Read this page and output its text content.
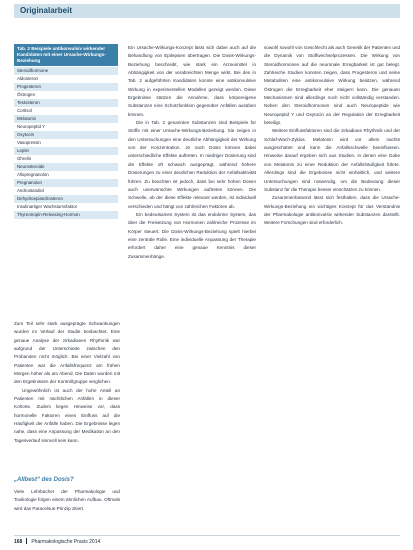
Originalarbeit
Tab. 2 Beispiele antikonvulsiv wirkender Kandidaten mit einer Ursache-Wirkungs-Beziehung
Steroidhormone
Aldosteron
Progesteron
Östrogen
Testosteron
Cortisol
Melatonin
Neuropeptid Y
Oxytocin
Vasopressin
Leptin
Ghrelin
Neurosteroide
Allopregnanolon
Pregnanolon
Androstandiol
Dehydroepiandrosteron
Insulinartiger Wachstumsfaktor
Thyreotropin-Releasing-Hormon

Zum Teil sehr stark ausgeprägte Schwankungen wurden im Verlauf der Studie beobachtet. Eine genaue Analyse der zirkadianen Rhythmik war aufgrund der Unterschiede zwischen den Probanden nicht möglich. Bei einer Vielzahl von Patienten war die Anfallsfrequenz am frühen Morgen höher als am Abend. Die Daten wurden mit den Ergebnissen der Kontrollgruppe verglichen.

Ungewöhnlich ist auch der hohe Anteil an Patienten mit nächtlichen Anfällen in dieser Kohorte. Zudem liegen Hinweise vor, dass hormonelle Faktoren einen Einfluss auf die Häufigkeit der Anfälle haben. Die Ergebnisse legen nahe, dass eine Anpassung der Medikation an den Tagesverlauf sinnvoll sein kann.

„Allbest“ des Dosis?

Viele Lehrbücher der Pharmakologie und Toxikologie folgen einem ähnlichen Aufbau. Oftmals wird das Paracelsus-Prinzip zitiert.

Ein Ursache-Wirkungs-Konzept lässt sich dabei auch auf die Behandlung von Epilepsien übertragen. Die Dosis-Wirkungs-Beziehung beschreibt, wie stark ein Arzneimittel in Abhängigkeit von der verabreichten Menge wirkt. Bei den in Tab. 2 aufgeführten Kandidaten konnte eine antikonvulsive Wirkung in experimentellen Modellen gezeigt werden. Diese Ergebnisse stützen die Annahme, dass körpereigene Substanzen eine Schutzfunktion gegenüber Anfällen ausüben können.

Die in Tab. 2 genannten Substanzen sind Beispiele für Stoffe mit einer Ursache-Wirkungs-Beziehung. Sie zeigen in den Untersuchungen eine deutliche Abhängigkeit der Wirkung von der Konzentration. Je nach Dosis können dabei unterschiedliche Effekte auftreten. In niedriger Dosierung sind die Effekte oft schwach ausgeprägt, während höhere Dosierungen zu einer deutlichen Reduktion der Anfallsaktivität führen. Zu beachten ist jedoch, dass bei sehr hohen Dosen auch unerwünschte Wirkungen auftreten können. Die Schwelle, ab der diese Effekte relevant werden, ist individuell verschieden und hängt von zahlreichen Faktoren ab.

Ein bedeutsames System ist das endokrine System, das über die Freisetzung von Hormonen zahlreiche Prozesse im Körper steuert. Die Dosis-Wirkungs-Beziehung spielt hierbei eine zentrale Rolle. Eine individuelle Anpassung der Therapie erfordert daher eine genaue Kenntnis dieser Zusammenhänge.

sowohl sowohl von Geschlecht als auch Genetik der Patienten und die Dynamik von Stoffwechselprozessen. Die Wirkung von Steroidhormonen auf die neuronale Erregbarkeit ist gut belegt. Zahlreiche Studien konnten zeigen, dass Progesteron und seine Metaboliten eine antikonvulsive Wirkung besitzen, während Östrogen die Erregbarkeit eher steigern kann. Die genauen Mechanismen sind allerdings noch nicht vollständig verstanden. Neben den Steroidhormonen sind auch Neuropeptide wie Neuropeptid Y und Oxytocin an der Regulation der Erregbarkeit beteiligt.

Weitere Einflussfaktoren sind die zirkadiane Rhythmik und der Schlaf-Wach-Zyklus. Melatonin wird vor allem nachts ausgeschüttet und kann die Anfallsschwelle beeinflussen. Hinweise darauf ergeben sich aus Studien, in denen eine Gabe von Melatonin zu einer Reduktion der Anfallshäufigkeit führte. Allerdings sind die Ergebnisse nicht einheitlich, und weitere Untersuchungen sind notwendig, um die Bedeutung dieser Substanz für die Therapie besser einschätzen zu können.

Zusammenfassend lässt sich festhalten, dass die Ursache-Wirkungs-Beziehung ein wichtiges Konzept für das Verständnis der Pharmakologie antikonvulsiv wirkender Substanzen darstellt. Weitere Forschungen sind erforderlich.

168 Pharmakologische Praxis 2014
